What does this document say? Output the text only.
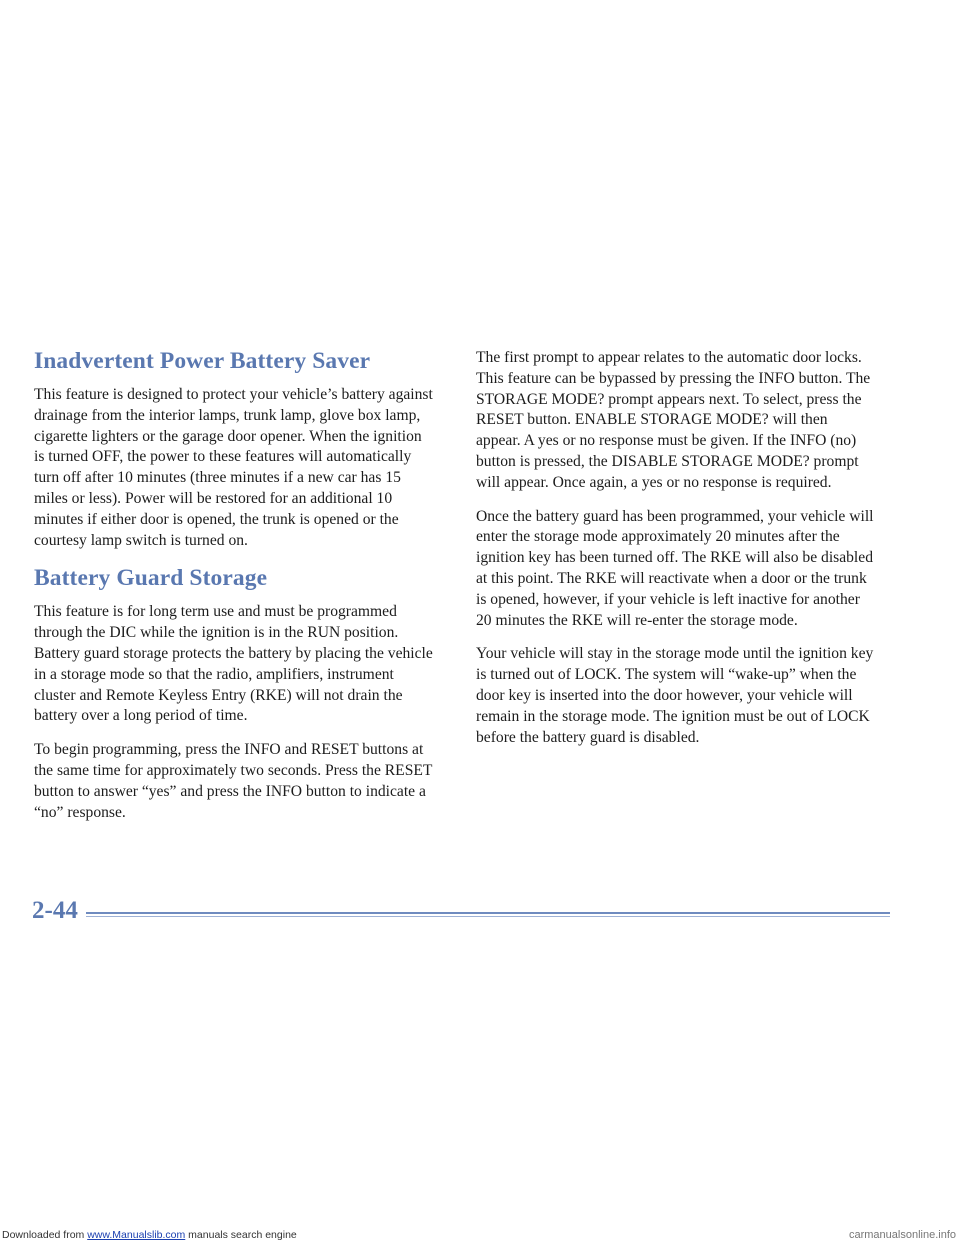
Inadvertent Power Battery Saver

This feature is designed to protect your vehicle’s battery against drainage from the interior lamps, trunk lamp, glove box lamp, cigarette lighters or the garage door opener. When the ignition is turned OFF, the power to these features will automatically turn off after 10 minutes (three minutes if a new car has 15 miles or less). Power will be restored for an additional 10 minutes if either door is opened, the trunk is opened or the courtesy lamp switch is turned on.

Battery Guard Storage

This feature is for long term use and must be programmed through the DIC while the ignition is in the RUN position. Battery guard storage protects the battery by placing the vehicle in a storage mode so that the radio, amplifiers, instrument cluster and Remote Keyless Entry (RKE) will not drain the battery over a long period of time.

To begin programming, press the INFO and RESET buttons at the same time for approximately two seconds. Press the RESET button to answer “yes” and press the INFO button to indicate a “no” response.

The first prompt to appear relates to the automatic door locks. This feature can be bypassed by pressing the INFO button. The STORAGE MODE? prompt appears next. To select, press the RESET button. ENABLE STORAGE MODE? will then appear. A yes or no response must be given. If the INFO (no) button is pressed, the DISABLE STORAGE MODE? prompt will appear. Once again, a yes or no response is required.

Once the battery guard has been programmed, your vehicle will enter the storage mode approximately 20 minutes after the ignition key has been turned off. The RKE will also be disabled at this point. The RKE will reactivate when a door or the trunk is opened, however, if your vehicle is left inactive for another 20 minutes the RKE will re-enter the storage mode.

Your vehicle will stay in the storage mode until the ignition key is turned out of LOCK. The system will “wake-up” when the door key is inserted into the door however, your vehicle will remain in the storage mode. The ignition must be out of LOCK before the battery guard is disabled.

2-44
Downloaded from www.Manualslib.com manuals search engine	carmanualsonline.info
